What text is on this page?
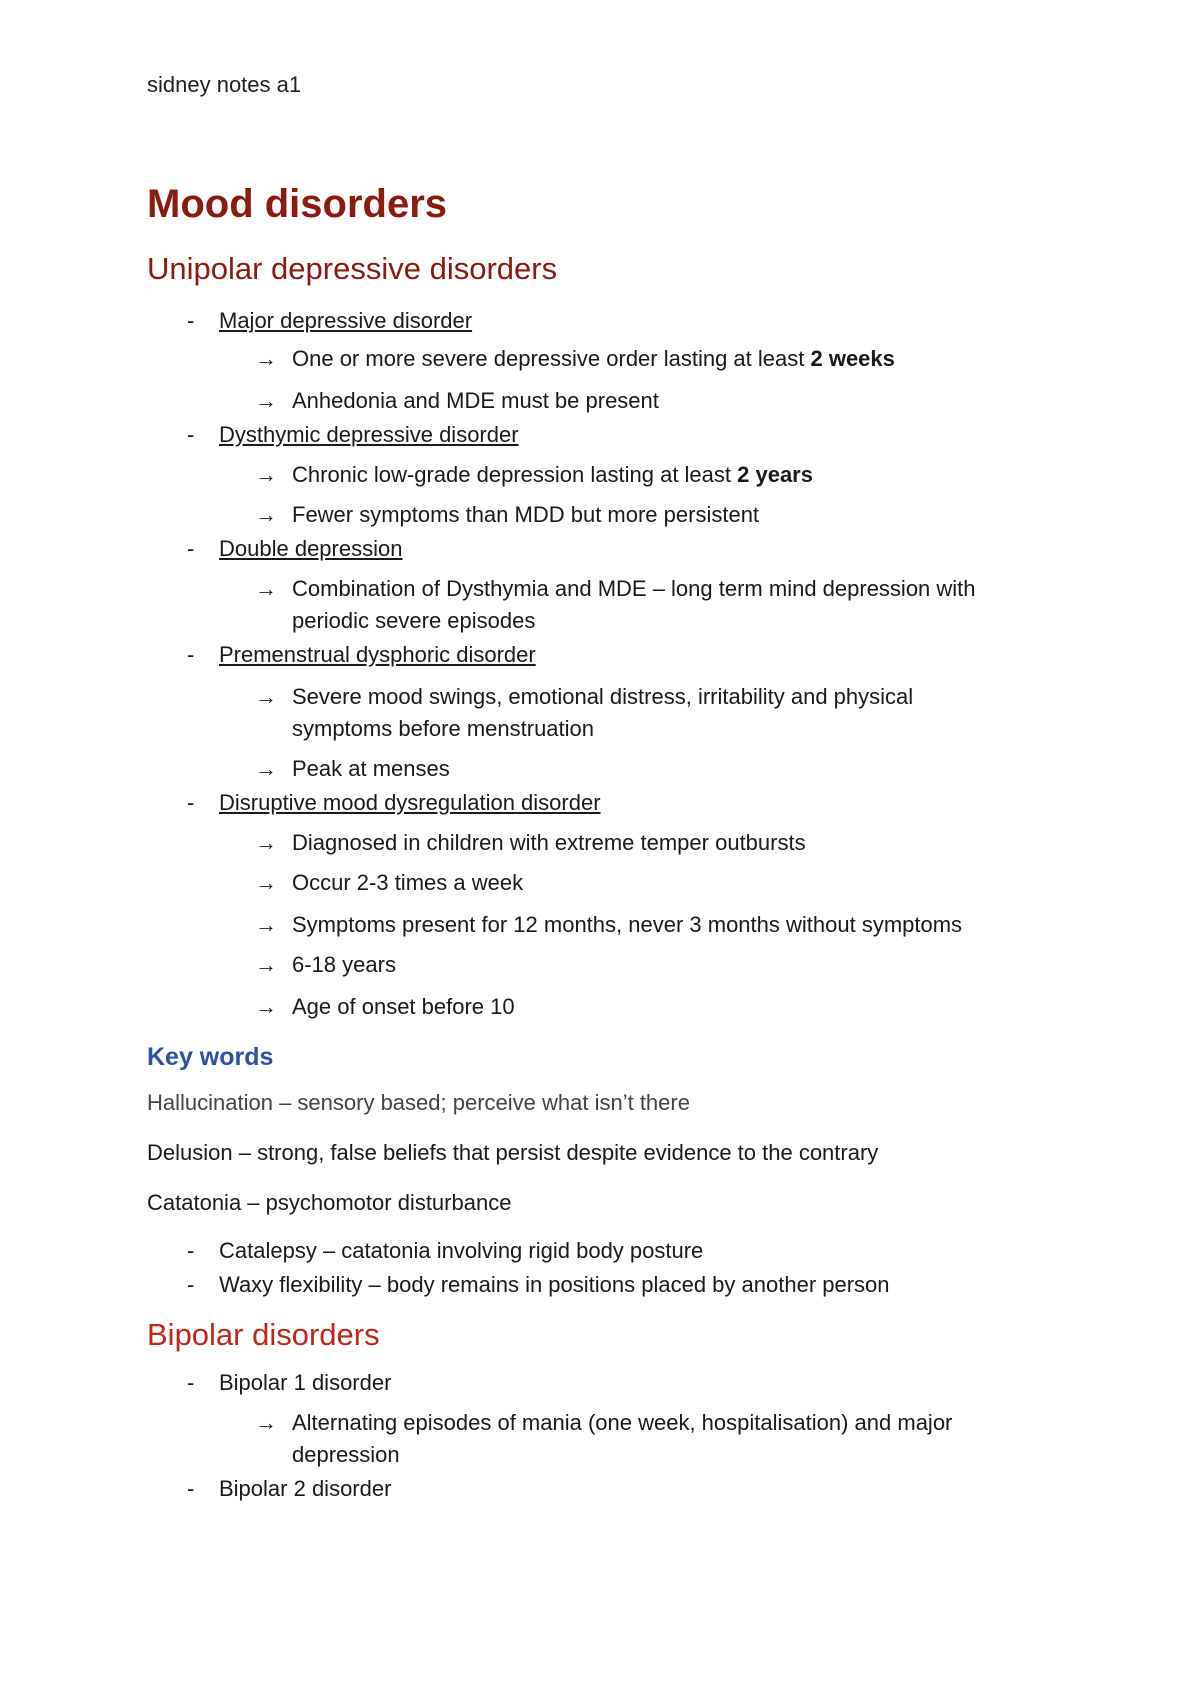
sidney notes a1
Mood disorders
Unipolar depressive disorders
- Major depressive disorder
→ One or more severe depressive order lasting at least 2 weeks
→ Anhedonia and MDE must be present
- Dysthymic depressive disorder
→ Chronic low-grade depression lasting at least 2 years
→ Fewer symptoms than MDD but more persistent
- Double depression
→ Combination of Dysthymia and MDE – long term mind depression with
periodic severe episodes
- Premenstrual dysphoric disorder
→ Severe mood swings, emotional distress, irritability and physical
symptoms before menstruation
→ Peak at menses
- Disruptive mood dysregulation disorder
→ Diagnosed in children with extreme temper outbursts
→ Occur 2-3 times a week
→ Symptoms present for 12 months, never 3 months without symptoms
→ 6-18 years
→ Age of onset before 10
Key words
Hallucination – sensory based; perceive what isn’t there
Delusion – strong, false beliefs that persist despite evidence to the contrary
Catatonia – psychomotor disturbance
- Catalepsy – catatonia involving rigid body posture
- Waxy flexibility – body remains in positions placed by another person
Bipolar disorders
- Bipolar 1 disorder
→ Alternating episodes of mania (one week, hospitalisation) and major
depression
- Bipolar 2 disorder
